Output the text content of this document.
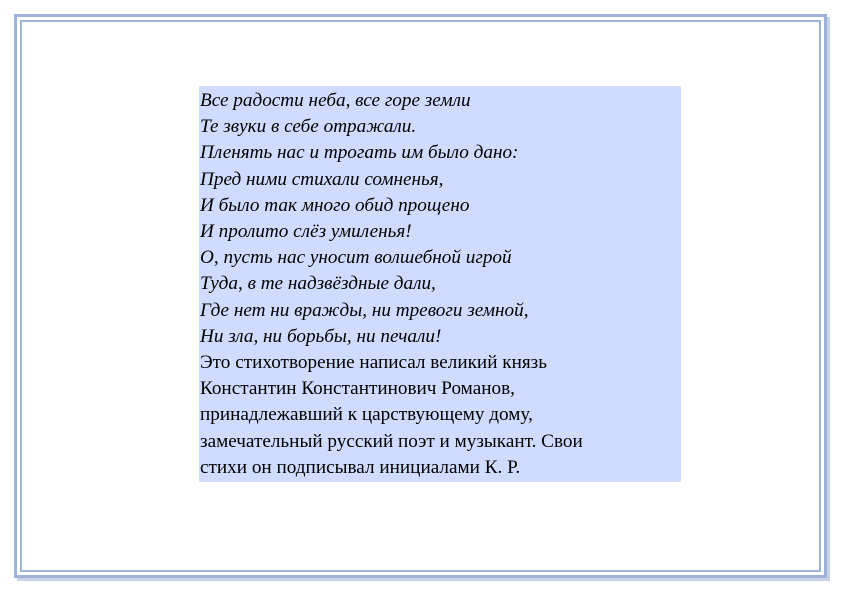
Все радости неба, все горе земли
Те звуки в себе отражали.
Пленять нас и трогать им было дано:
Пред ними стихали сомненья,
И было так много обид прощено
И пролито слёз умиленья!
О, пусть нас уносит волшебной игрой
Туда, в те надзвёздные дали,
Где нет ни вражды, ни тревоги земной,
Ни зла, ни борьбы, ни печали!
Это стихотворение написал великий князь
Константин Константинович Романов,
принадлежавший к царствующему дому,
замечательный русский поэт и музыкант. Свои
стихи он подписывал инициалами К. Р.
